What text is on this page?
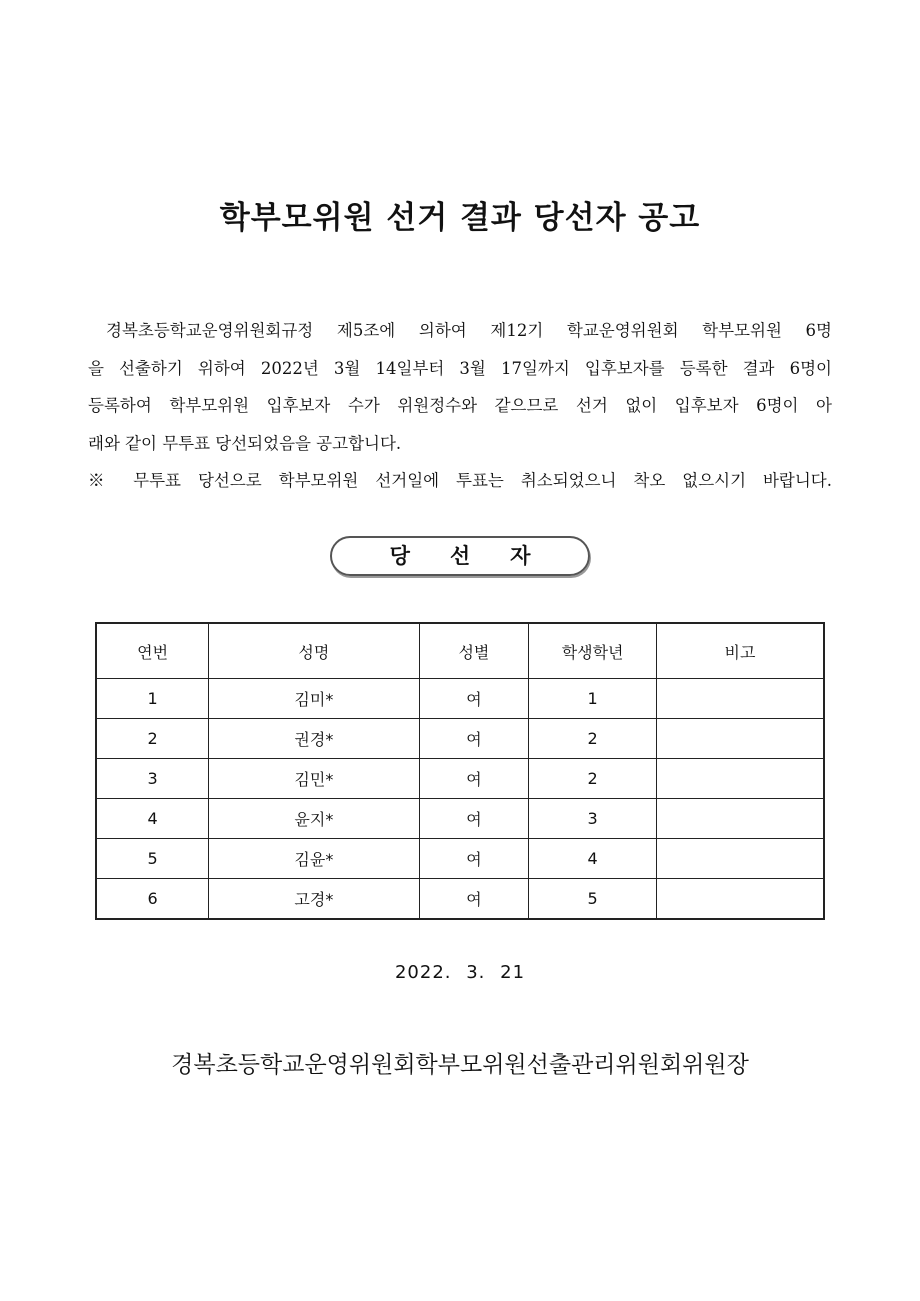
학부모위원 선거 결과 당선자 공고
경복초등학교운영위원회규정 제5조에 의하여 제12기 학교운영위원회 학부모위원 6명
을 선출하기 위하여 2022년 3월 14일부터 3월 17일까지 입후보자를 등록한 결과 6명이
등록하여 학부모위원 입후보자 수가 위원정수와 같으므로 선거 없이 입후보자 6명이 아
래와 같이 무투표 당선되었음을 공고합니다.
※ 무투표 당선으로 학부모위원 선거일에 투표는 취소되었으니 착오 없으시기 바랍니다.
당선자
연번	성명	성별	학생학년	비고
1	김미*	여	1	
2	권경*	여	2	
3	김민*	여	2	
4	윤지*	여	3	
5	김윤*	여	4	
6	고경*	여	5	
2022. 3. 21
경복초등학교운영위원회학부모위원선출관리위원회위원장
